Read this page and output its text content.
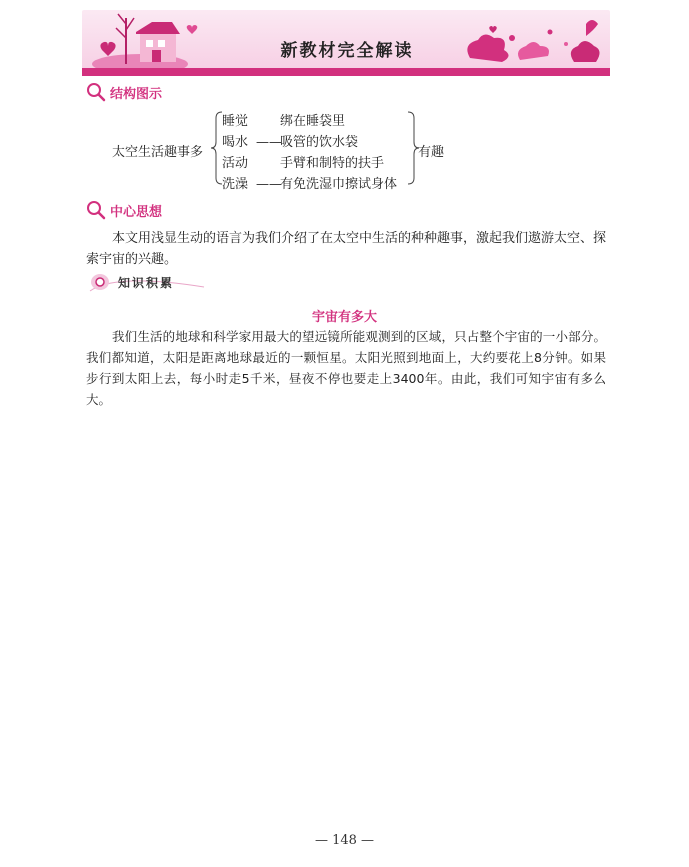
新教材完全解读
结构图示
太空生活趣事多
睡觉 绑在睡袋里
喝水 ——吸管的饮水袋
活动 手臂和制特的扶手
洗澡 ——有免洗湿巾擦试身体
有趣
中心思想
本文用浅显生动的语言为我们介绍了在太空中生活的种种趣事，激起我们遨游太空、探索宇宙的兴趣。
知识积累
宇宙有多大
我们生活的地球和科学家用最大的望远镜所能观测到的区域，只占整个宇宙的一小部分。我们都知道，太阳是距离地球最近的一颗恒星。太阳光照到地面上，大约要花上8分钟。如果步行到太阳上去，每小时走5千米，昼夜不停也要走上3400年。由此，我们可知宇宙有多么大。
— 148 —
